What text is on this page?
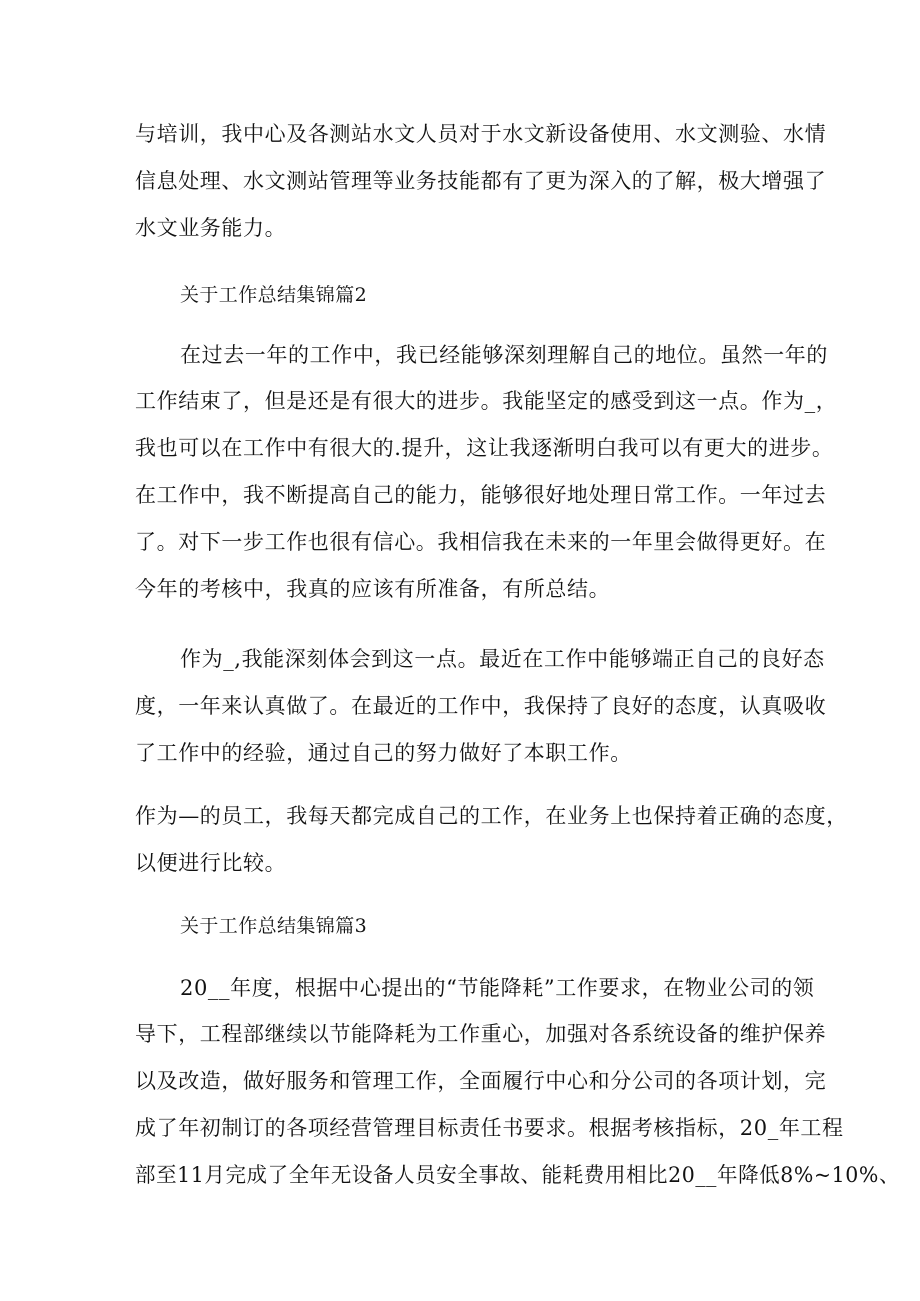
与培训，我中心及各测站水文人员对于水文新设备使用、水文测验、水情
信息处理、水文测站管理等业务技能都有了更为深入的了解，极大增强了
水文业务能力。
关于工作总结集锦篇2
在过去一年的工作中，我已经能够深刻理解自己的地位。虽然一年的
工作结束了，但是还是有很大的进步。我能坚定的感受到这一点。作为_，
我也可以在工作中有很大的.提升，这让我逐渐明白我可以有更大的进步。
在工作中，我不断提高自己的能力，能够很好地处理日常工作。一年过去
了。对下一步工作也很有信心。我相信我在未来的一年里会做得更好。在
今年的考核中，我真的应该有所准备，有所总结。
作为_,我能深刻体会到这一点。最近在工作中能够端正自己的良好态
度，一年来认真做了。在最近的工作中，我保持了良好的态度，认真吸收
了工作中的经验，通过自己的努力做好了本职工作。
作为—的员工，我每天都完成自己的工作，在业务上也保持着正确的态度，
以便进行比较。
关于工作总结集锦篇3
20__年度，根据中心提出的“节能降耗”工作要求，在物业公司的领
导下，工程部继续以节能降耗为工作重心，加强对各系统设备的维护保养
以及改造，做好服务和管理工作，全面履行中心和分公司的各项计划，完
成了年初制订的各项经营管理目标责任书要求。根据考核指标，20_年工程
部至11月完成了全年无设备人员安全事故、能耗费用相比20__年降低8%~10%、
